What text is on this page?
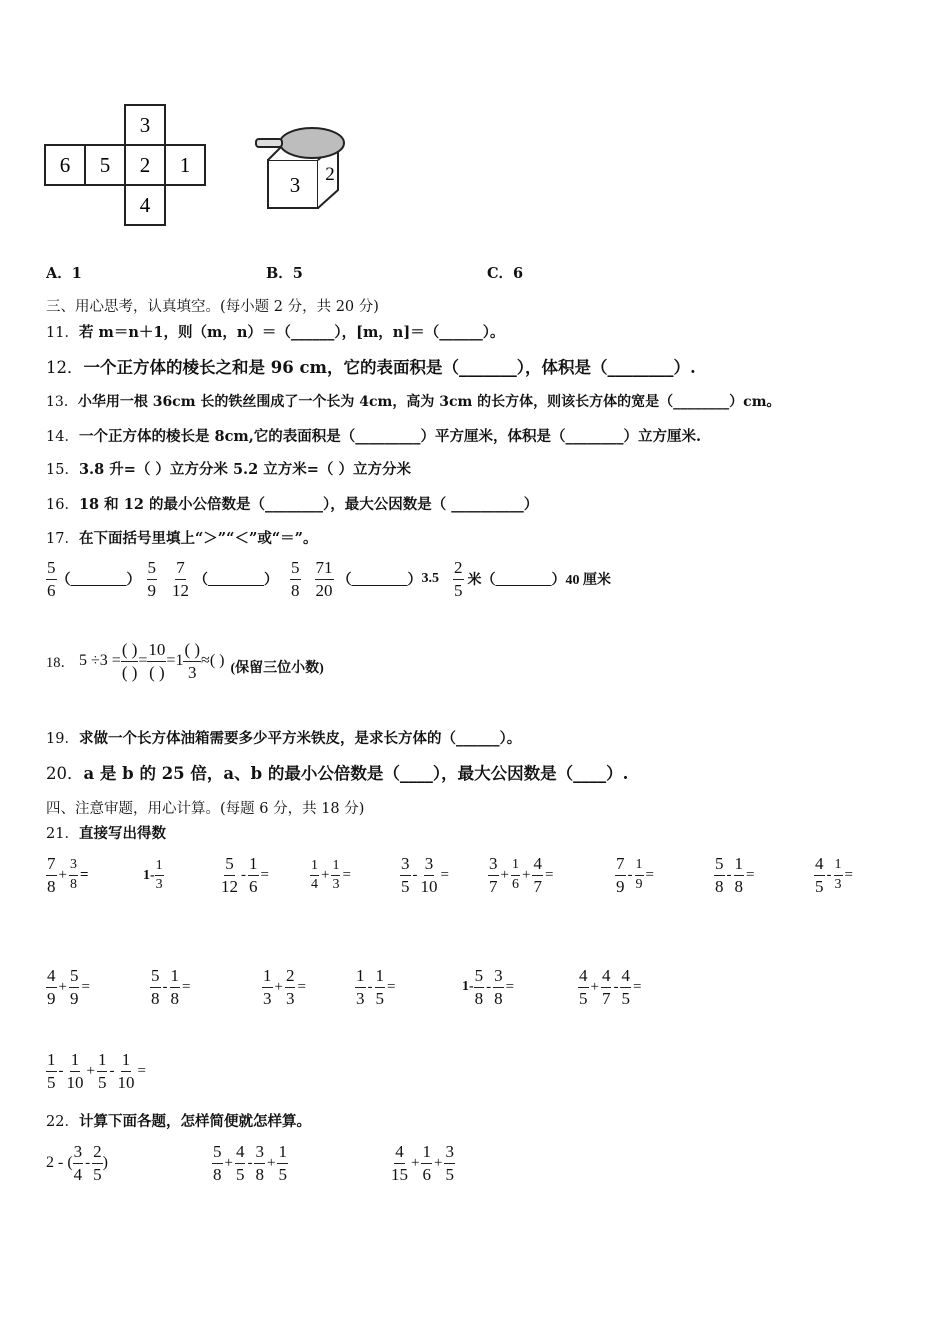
3
6 5 2 1
4
3 2
A．1	B．5	C．6
三、用心思考，认真填空。(每小题 2 分，共 20 分)
11．若 m＝n＋1，则（m，n）＝（______），[m，n]＝（______）。
12．一个正方体的棱长之和是 96 cm，它的表面积是（_______），体积是（________）.
13．小华用一根 36cm 长的铁丝围成了一个长为 4cm，高为 3cm 的长方体，则该长方体的宽是（________）cm。
14．一个正方体的棱长是 8cm,它的表面积是（_________）平方厘米，体积是（________）立方厘米.
15．3.8 升=（ ）立方分米 5.2 立方米=（ ）立方分米
16．18 和 12 的最小公倍数是（________），最大公因数是（ __________）
17．在下面括号里填上“＞”“＜”或“＝”。
$\frac{5}{6}$ （________） $\frac{5}{9} \frac{7}{12}$ （________） $\frac{5}{8} \frac{71}{20}$ （________） $3.5 \frac{2}{5}$ 米 （________） 40 厘米
18． $5 \div 3 = \frac{( )}{( )} = \frac{10}{( )} =1 \frac{( )}{3}$ ≈( ) (保留三位小数)
19．求做一个长方体油箱需要多少平方米铁皮，是求长方体的（______）。
20．a 是 b 的 25 倍，a、b 的最小公倍数是（____），最大公因数是（____）.
四、注意审题，用心计算。(每题 6 分，共 18 分)
21．直接写出得数
$\frac{7}{8} + \frac{3}{8}$ =	$1- \frac{1}{3}$	$\frac{5}{12} - \frac{1}{6}$ =	$\frac{1}{4} + \frac{1}{3}$ =	$\frac{3}{5} - \frac{3}{10} = \frac{3}{7} + \frac{1}{6} + \frac{4}{7}$ =	$\frac{7}{9} - \frac{1}{9}$ =	$\frac{5}{8} - \frac{1}{8}$ =	$\frac{4}{5} - \frac{1}{3}$ =
$\frac{4}{9} + \frac{5}{9}$ =	$\frac{5}{8} - \frac{1}{8}$ =	$\frac{1}{3} + \frac{2}{3}$ =	$\frac{1}{3} - \frac{1}{5}$ =	$1- \frac{5}{8} - \frac{3}{8}$ =	$\frac{4}{5} + \frac{4}{7} - \frac{4}{5}$ =
$\frac{1}{5} - \frac{1}{10} + \frac{1}{5} - \frac{1}{10}$ =
22．计算下面各题，怎样简便就怎样算。
2 - ( $\frac{3}{4} - \frac{2}{5}$ )	$\frac{5}{8} + \frac{4}{5} - \frac{3}{8} + \frac{1}{5}$	$\frac{4}{15} + \frac{1}{6} + \frac{3}{5}$
